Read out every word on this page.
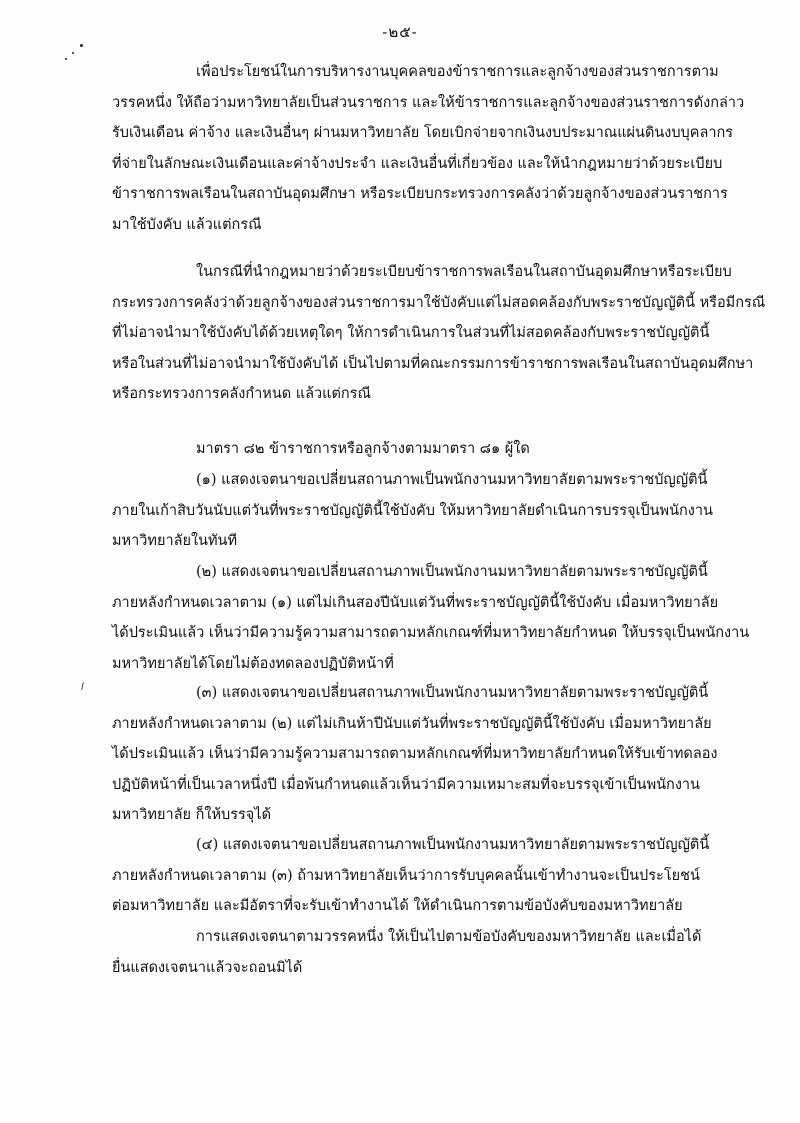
-๒๕-
เพื่อประโยชน์ในการบริหารงานบุคคลของข้าราชการและลูกจ้างของส่วนราชการตาม
วรรคหนึ่ง ให้ถือว่ามหาวิทยาลัยเป็นส่วนราชการ และให้ข้าราชการและลูกจ้างของส่วนราชการดังกล่าว
รับเงินเดือน ค่าจ้าง และเงินอื่นๆ ผ่านมหาวิทยาลัย โดยเบิกจ่ายจากเงินงบประมาณแผ่นดินงบบุคลากร
ที่จ่ายในลักษณะเงินเดือนและค่าจ้างประจำ และเงินอื่นที่เกี่ยวข้อง และให้นำกฎหมายว่าด้วยระเบียบ
ข้าราชการพลเรือนในสถาบันอุดมศึกษา หรือระเบียบกระทรวงการคลังว่าด้วยลูกจ้างของส่วนราชการ
มาใช้บังคับ แล้วแต่กรณี
ในกรณีที่นำกฎหมายว่าด้วยระเบียบข้าราชการพลเรือนในสถาบันอุดมศึกษาหรือระเบียบ
กระทรวงการคลังว่าด้วยลูกจ้างของส่วนราชการมาใช้บังคับแต่ไม่สอดคล้องกับพระราชบัญญัตินี้ หรือมีกรณี
ที่ไม่อาจนำมาใช้บังคับได้ด้วยเหตุใดๆ ให้การดำเนินการในส่วนที่ไม่สอดคล้องกับพระราชบัญญัตินี้
หรือในส่วนที่ไม่อาจนำมาใช้บังคับได้ เป็นไปตามที่คณะกรรมการข้าราชการพลเรือนในสถาบันอุดมศึกษา
หรือกระทรวงการคลังกำหนด แล้วแต่กรณี
มาตรา ๘๒ ข้าราชการหรือลูกจ้างตามมาตรา ๘๑ ผู้ใด
(๑) แสดงเจตนาขอเปลี่ยนสถานภาพเป็นพนักงานมหาวิทยาลัยตามพระราชบัญญัตินี้
ภายในเก้าสิบวันนับแต่วันที่พระราชบัญญัตินี้ใช้บังคับ ให้มหาวิทยาลัยดำเนินการบรรจุเป็นพนักงาน
มหาวิทยาลัยในทันที
(๒) แสดงเจตนาขอเปลี่ยนสถานภาพเป็นพนักงานมหาวิทยาลัยตามพระราชบัญญัตินี้
ภายหลังกำหนดเวลาตาม (๑) แต่ไม่เกินสองปีนับแต่วันที่พระราชบัญญัตินี้ใช้บังคับ เมื่อมหาวิทยาลัย
ได้ประเมินแล้ว เห็นว่ามีความรู้ความสามารถตามหลักเกณฑ์ที่มหาวิทยาลัยกำหนด ให้บรรจุเป็นพนักงาน
มหาวิทยาลัยได้โดยไม่ต้องทดลองปฏิบัติหน้าที่
(๓) แสดงเจตนาขอเปลี่ยนสถานภาพเป็นพนักงานมหาวิทยาลัยตามพระราชบัญญัตินี้
ภายหลังกำหนดเวลาตาม (๒) แต่ไม่เกินห้าปีนับแต่วันที่พระราชบัญญัตินี้ใช้บังคับ เมื่อมหาวิทยาลัย
ได้ประเมินแล้ว เห็นว่ามีความรู้ความสามารถตามหลักเกณฑ์ที่มหาวิทยาลัยกำหนดให้รับเข้าทดลอง
ปฏิบัติหน้าที่เป็นเวลาหนึ่งปี เมื่อพ้นกำหนดแล้วเห็นว่ามีความเหมาะสมที่จะบรรจุเข้าเป็นพนักงาน
มหาวิทยาลัย ก็ให้บรรจุได้
(๔) แสดงเจตนาขอเปลี่ยนสถานภาพเป็นพนักงานมหาวิทยาลัยตามพระราชบัญญัตินี้
ภายหลังกำหนดเวลาตาม (๓) ถ้ามหาวิทยาลัยเห็นว่าการรับบุคคลนั้นเข้าทำงานจะเป็นประโยชน์
ต่อมหาวิทยาลัย และมีอัตราที่จะรับเข้าทำงานได้ ให้ดำเนินการตามข้อบังคับของมหาวิทยาลัย
การแสดงเจตนาตามวรรคหนึ่ง ให้เป็นไปตามข้อบังคับของมหาวิทยาลัย และเมื่อได้
ยื่นแสดงเจตนาแล้วจะถอนมิได้
